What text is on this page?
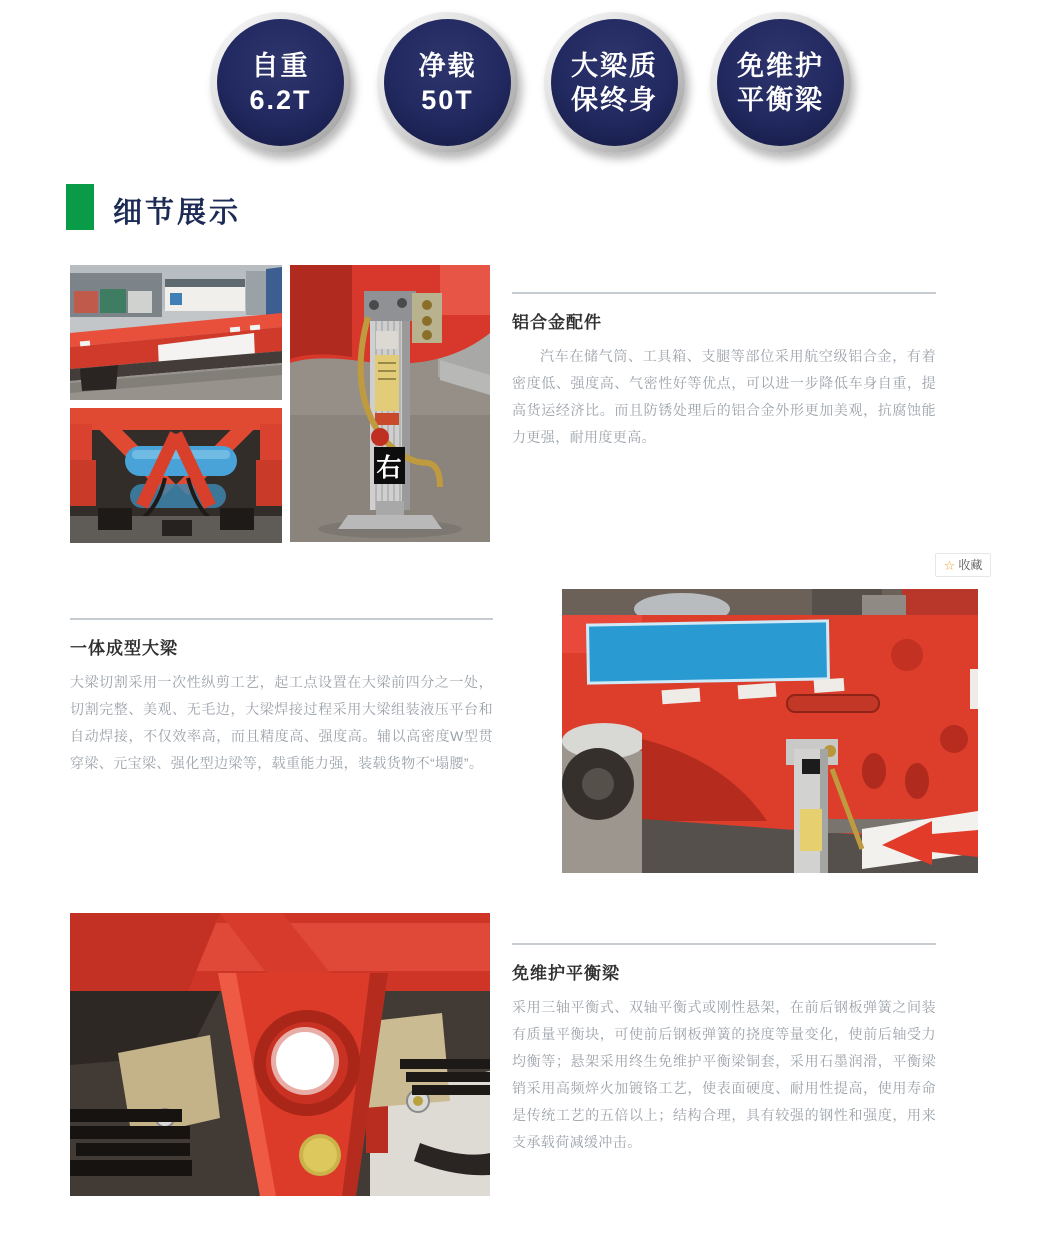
自重
6.2T
净载
50T
大梁质
保终身
免维护
平衡梁
细节展示
右
铝合金配件

汽车在储气筒、工具箱、支腿等部位采用航空级铝合金，有着密度低、强度高、气密性好等优点，可以进一步降低车身自重，提高货运经济比。而且防锈处理后的铝合金外形更加美观，抗腐蚀能力更强，耐用度更高。

☆ 收藏
一体成型大梁

大梁切割采用一次性纵剪工艺，起工点设置在大梁前四分之一处，切割完整、美观、无毛边，大梁焊接过程采用大梁组装液压平台和自动焊接，不仅效率高，而且精度高、强度高。辅以高密度W型贯穿梁、元宝梁、强化型边梁等，载重能力强，装载货物不“塌腰”。

免维护平衡梁

采用三轴平衡式、双轴平衡式或刚性悬架，在前后钢板弹簧之间装有质量平衡块，可使前后钢板弹簧的挠度等量变化，使前后轴受力均衡等；悬架采用终生免维护平衡梁铜套，采用石墨润滑，平衡梁销采用高频焠火加镀铬工艺，使表面硬度、耐用性提高，使用寿命是传统工艺的五倍以上；结构合理，具有较强的钢性和强度，用来支承载荷减缓冲击。
